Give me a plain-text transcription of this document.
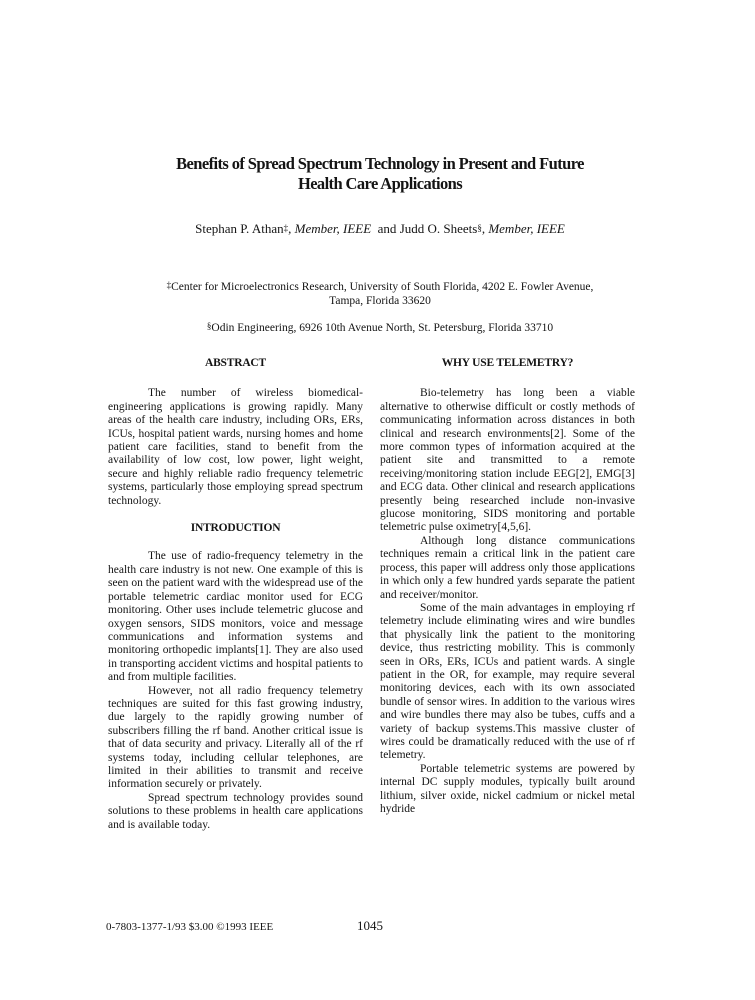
Benefits of Spread Spectrum Technology in Present and Future
Health Care Applications
Stephan P. Athan‡, Member, IEEE and Judd O. Sheets§, Member, IEEE
‡Center for Microelectronics Research, University of South Florida, 4202 E. Fowler Avenue,
Tampa, Florida 33620
§Odin Engineering, 6926 10th Avenue North, St. Petersburg, Florida 33710
ABSTRACT

The number of wireless biomedical-engineering applications is growing rapidly. Many areas of the health care industry, including ORs, ERs, ICUs, hospital patient wards, nursing homes and home patient care facilities, stand to benefit from the availability of low cost, low power, light weight, secure and highly reliable radio frequency telemetric systems, particularly those employing spread spectrum technology.

INTRODUCTION

The use of radio-frequency telemetry in the health care industry is not new. One example of this is seen on the patient ward with the widespread use of the portable telemetric cardiac monitor used for ECG monitoring. Other uses include telemetric glucose and oxygen sensors, SIDS monitors, voice and message communications and information systems and monitoring orthopedic implants[1]. They are also used in transporting accident victims and hospital patients to and from multiple facilities.

However, not all radio frequency telemetry techniques are suited for this fast growing industry, due largely to the rapidly growing number of subscribers filling the rf band. Another critical issue is that of data security and privacy. Literally all of the rf systems today, including cellular telephones, are limited in their abilities to transmit and receive information securely or privately.

Spread spectrum technology provides sound solutions to these problems in health care applications and is available today.

WHY USE TELEMETRY?

Bio-telemetry has long been a viable alternative to otherwise difficult or costly methods of communicating information across distances in both clinical and research environments[2]. Some of the more common types of information acquired at the patient site and transmitted to a remote receiving/monitoring station include EEG[2], EMG[3] and ECG data. Other clinical and research applications presently being researched include non-invasive glucose monitoring, SIDS monitoring and portable telemetric pulse oximetry[4,5,6].

Although long distance communications techniques remain a critical link in the patient care process, this paper will address only those applications in which only a few hundred yards separate the patient and receiver/monitor.

Some of the main advantages in employing rf telemetry include eliminating wires and wire bundles that physically link the patient to the monitoring device, thus restricting mobility. This is commonly seen in ORs, ERs, ICUs and patient wards. A single patient in the OR, for example, may require several monitoring devices, each with its own associated bundle of sensor wires. In addition to the various wires and wire bundles there may also be tubes, cuffs and a variety of backup systems.This massive cluster of wires could be dramatically reduced with the use of rf telemetry.

Portable telemetric systems are powered by internal DC supply modules, typically built around lithium, silver oxide, nickel cadmium or nickel metal hydride

0-7803-1377-1/93 $3.00 ©1993 IEEE	1045
